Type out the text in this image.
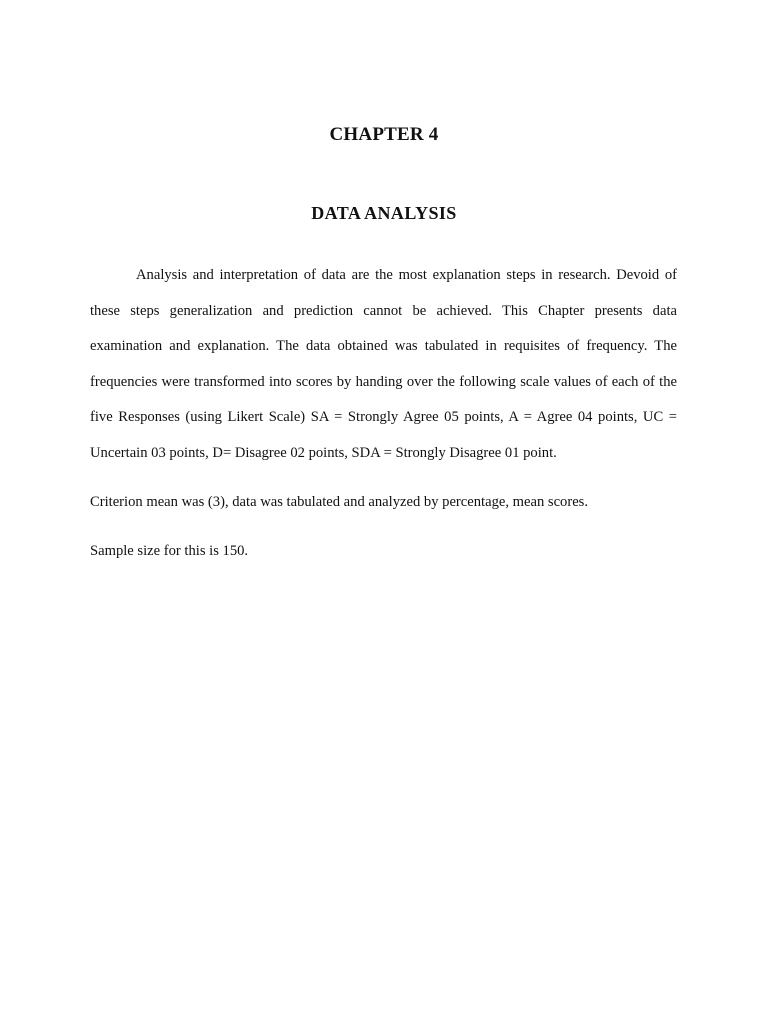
CHAPTER 4
DATA ANALYSIS

Analysis and interpretation of data are the most explanation steps in research. Devoid of these steps generalization and prediction cannot be achieved. This Chapter presents data examination and explanation. The data obtained was tabulated in requisites of frequency. The frequencies were transformed into scores by handing over the following scale values of each of the five Responses (using Likert Scale) SA = Strongly Agree 05 points, A = Agree 04 points, UC = Uncertain 03 points, D= Disagree 02 points, SDA = Strongly Disagree 01 point.

Criterion mean was (3), data was tabulated and analyzed by percentage, mean scores.

Sample size for this is 150.
